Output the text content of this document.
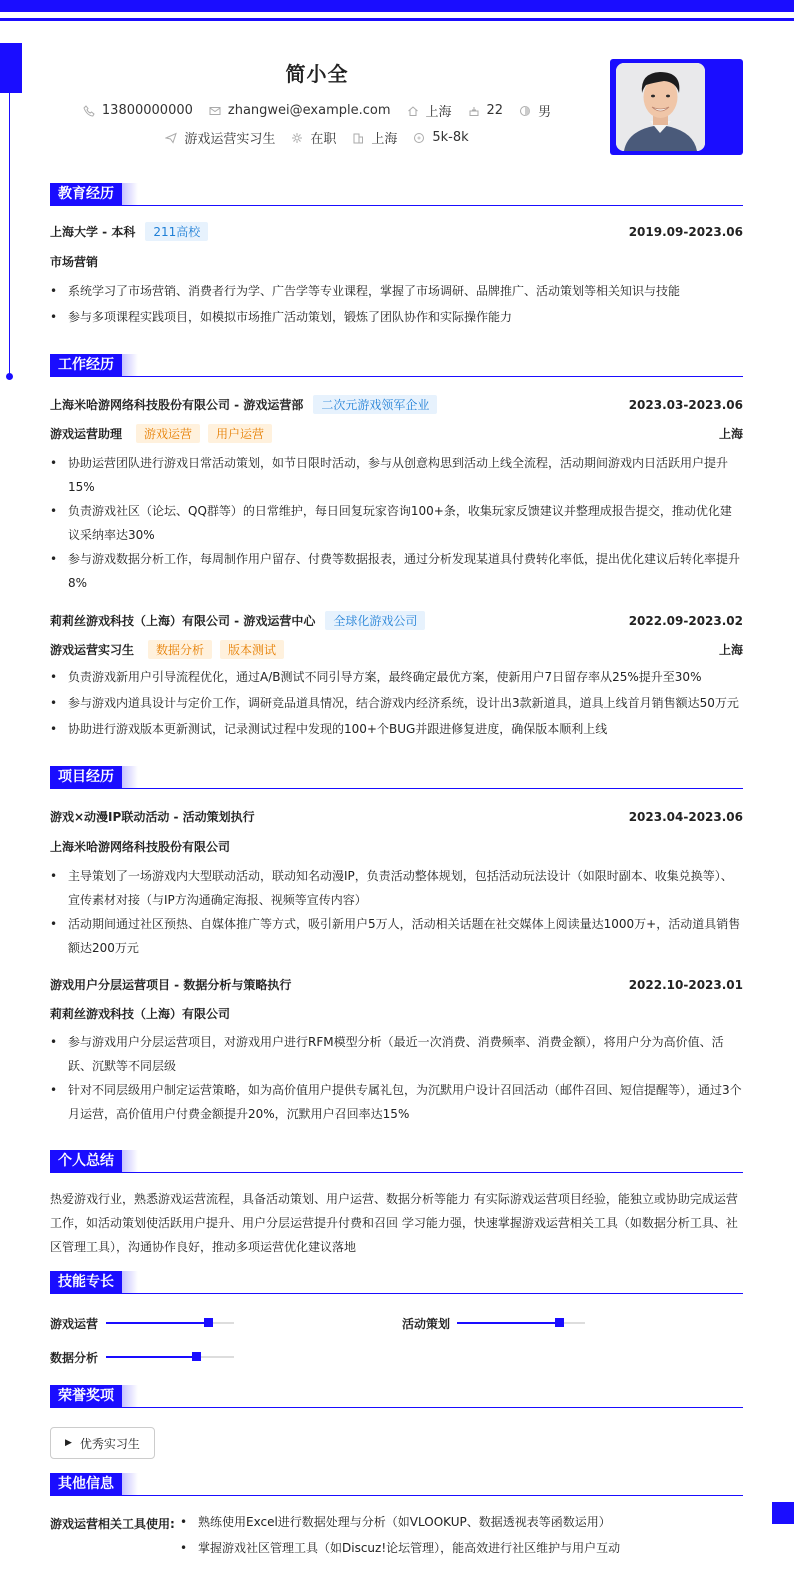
简小全
13800000000	zhangwei@example.com	上海	22	男
游戏运营实习生	在职	上海	5k-8k
教育经历
上海大学 - 本科	211高校	2019.09-2023.06
市场营销
• 系统学习了市场营销、消费者行为学、广告学等专业课程，掌握了市场调研、品牌推广、活动策划等相关知识与技能
• 参与多项课程实践项目，如模拟市场推广活动策划，锻炼了团队协作和实际操作能力
工作经历
上海米哈游网络科技股份有限公司 - 游戏运营部	二次元游戏领军企业	2023.03-2023.06
游戏运营助理	游戏运营	用户运营	上海
• 协助运营团队进行游戏日常活动策划，如节日限时活动，参与从创意构思到活动上线全流程，活动期间游戏内日活跃用户提升15%
• 负责游戏社区（论坛、QQ群等）的日常维护，每日回复玩家咨询100+条，收集玩家反馈建议并整理成报告提交，推动优化建议采纳率达30%
• 参与游戏数据分析工作，每周制作用户留存、付费等数据报表，通过分析发现某道具付费转化率低，提出优化建议后转化率提升8%
莉莉丝游戏科技（上海）有限公司 - 游戏运营中心	全球化游戏公司	2022.09-2023.02
游戏运营实习生	数据分析	版本测试	上海
• 负责游戏新用户引导流程优化，通过A/B测试不同引导方案，最终确定最优方案，使新用户7日留存率从25%提升至30%
• 参与游戏内道具设计与定价工作，调研竞品道具情况，结合游戏内经济系统，设计出3款新道具，道具上线首月销售额达50万元
• 协助进行游戏版本更新测试，记录测试过程中发现的100+个BUG并跟进修复进度，确保版本顺利上线
项目经历
游戏×动漫IP联动活动 - 活动策划执行	2023.04-2023.06
上海米哈游网络科技股份有限公司
• 主导策划了一场游戏内大型联动活动，联动知名动漫IP，负责活动整体规划，包括活动玩法设计（如限时副本、收集兑换等）、宣传素材对接（与IP方沟通确定海报、视频等宣传内容）
• 活动期间通过社区预热、自媒体推广等方式，吸引新用户5万人，活动相关话题在社交媒体上阅读量达1000万+，活动道具销售额达200万元
游戏用户分层运营项目 - 数据分析与策略执行	2022.10-2023.01
莉莉丝游戏科技（上海）有限公司
• 参与游戏用户分层运营项目，对游戏用户进行RFM模型分析（最近一次消费、消费频率、消费金额），将用户分为高价值、活跃、沉默等不同层级
• 针对不同层级用户制定运营策略，如为高价值用户提供专属礼包，为沉默用户设计召回活动（邮件召回、短信提醒等），通过3个月运营，高价值用户付费金额提升20%，沉默用户召回率达15%
个人总结
热爱游戏行业，熟悉游戏运营流程，具备活动策划、用户运营、数据分析等能力 有实际游戏运营项目经验，能独立或协助完成运营工作，如活动策划使活跃用户提升、用户分层运营提升付费和召回 学习能力强，快速掌握游戏运营相关工具（如数据分析工具、社区管理工具），沟通协作良好，推动多项运营优化建议落地
技能专长
游戏运营	活动策划
数据分析
荣誉奖项
▶ 优秀实习生
其他信息
游戏运营相关工具使用:
•	熟练使用Excel进行数据处理与分析（如VLOOKUP、数据透视表等函数运用）
• 掌握游戏社区管理工具（如Discuz!论坛管理），能高效进行社区维护与用户互动
